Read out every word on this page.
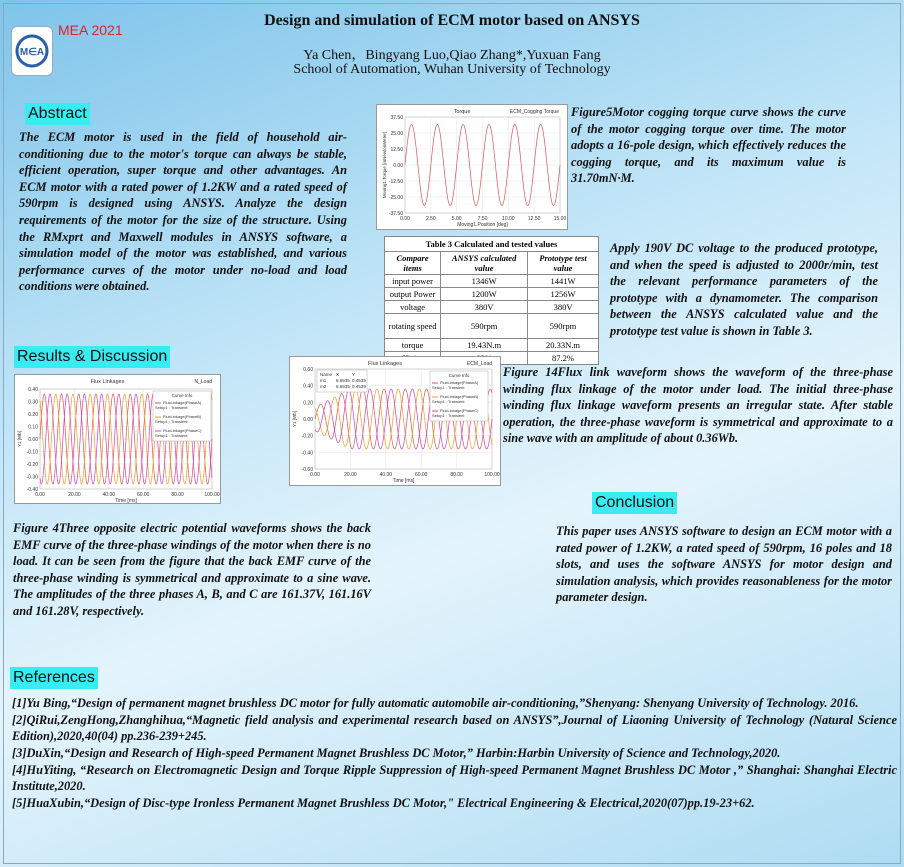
M∈A
MEA 2021
Design and simulation of ECM motor based on ANSYS
Ya Chen，Bingyang Luo,Qiao Zhang*,Yuxuan Fang
School of Automation, Wuhan University of Technology
Abstract
The ECM motor is used in the field of household air-conditioning due to the motor's torque can always be stable, efficient operation, super torque and other advantages. An ECM motor with a rated power of 1.2KW and a rated speed of 590rpm is designed using ANSYS. Analyze the design requirements of the motor for the size of the structure. Using the RMxprt and Maxwell modules in ANSYS software, a simulation model of the motor was established, and various performance curves of the motor under no-load and load conditions were obtained.
Results & Discussion
Flux Linkages	N_Load
0.40
0.30
0.20
0.10
0.00
-0.10
-0.20
-0.30
-0.40
0.00	20.00	40.00	60.00	80.00	100.00
Time [ms]
Y1 [Wb]
Curve Info
FluxLinkage(PhaseA)
Setup1 : Transient
FluxLinkage(PhaseB)
Setup1 : Transient
FluxLinkage(PhaseC)
Setup1 : Transient
Figure 4Three opposite electric potential waveforms shows the back EMF curve of the three-phase windings of the motor when there is no load. It can be seen from the figure that the back EMF curve of the three-phase winding is symmetrical and approximate to a sine wave. The amplitudes of the three phases A, B, and C are 161.37V, 161.16V and 161.28V, respectively.
Torque	ECM_Cogging Torque
37.50
25.00
12.50
0.00
-12.50
-25.00
-37.50
0.00	2.50	5.00	7.50	10.00	12.50	15.00
Moving1.Position [deg]
Moving1.Torque [mNewtonMeter]
Figure5Motor cogging torque curve shows the curve of the motor cogging torque over time. The motor adopts a 16-pole design, which effectively reduces the cogging torque, and its maximum value is 31.70mN·M.
Table 3 Calculated and tested values
Compare items	ANSYS calculated value	Prototype test value
input power	1346W	1441W
output Power	1200W	1256W
voltage	380V	380V
rotating speed	590rpm	590rpm
torque	19.43N.m	20.33N.m
efficient	89%	87.2%
Apply 190V DC voltage to the produced prototype, and when the speed is adjusted to 2000r/min, test the relevant performance parameters of the prototype with a dynamometer. The comparison between the ANSYS calculated value and the prototype test value is shown in Table 3.
Flux Linkages	ECM_Load
0.60
0.40
0.20
0.00
-0.20
-0.40
-0.60
0.00	20.00	40.00	60.00	80.00	100.00
Time [ms]
Y1 [Wb]
Curve Info
FluxLinkage(PhaseA)
Setup1 : Transient
FluxLinkage(PhaseB)
Setup1 : Transient
FluxLinkage(PhaseC)
Setup1 : Transient
Name X	Y
m1 8.6935 0.4539
m2 8.6935 0.4539
Figure 14Flux link waveform shows the waveform of the three-phase winding flux linkage of the motor under load. The initial three-phase winding flux linkage waveform presents an irregular state. After stable operation, the three-phase waveform is symmetrical and approximate to a sine wave with an amplitude of about 0.36Wb.
Conclusion
This paper uses ANSYS software to design an ECM motor with a rated power of 1.2KW, a rated speed of 590rpm, 16 poles and 18 slots, and uses the software ANSYS for motor design and simulation analysis, which provides reasonableness for the motor parameter design.
References
[1]Yu Bing,“Design of permanent magnet brushless DC motor for fully automatic automobile air-conditioning,”Shenyang: Shenyang University of Technology. 2016.
[2]QiRui,ZengHong,Zhanghihua,“Magnetic field analysis and experimental research based on ANSYS”,Journal of Liaoning University of Technology (Natural Science Edition),2020,40(04) pp.236-239+245.
[3]DuXin,“Design and Research of High-speed Permanent Magnet Brushless DC Motor,” Harbin:Harbin University of Science and Technology,2020.
[4]HuYiting, “Research on Electromagnetic Design and Torque Ripple Suppression of High-speed Permanent Magnet Brushless DC Motor ,” Shanghai: Shanghai Electric Institute,2020.
[5]HuaXubin,“Design of Disc-type Ironless Permanent Magnet Brushless DC Motor," Electrical Engineering & Electrical,2020(07)pp.19-23+62.
